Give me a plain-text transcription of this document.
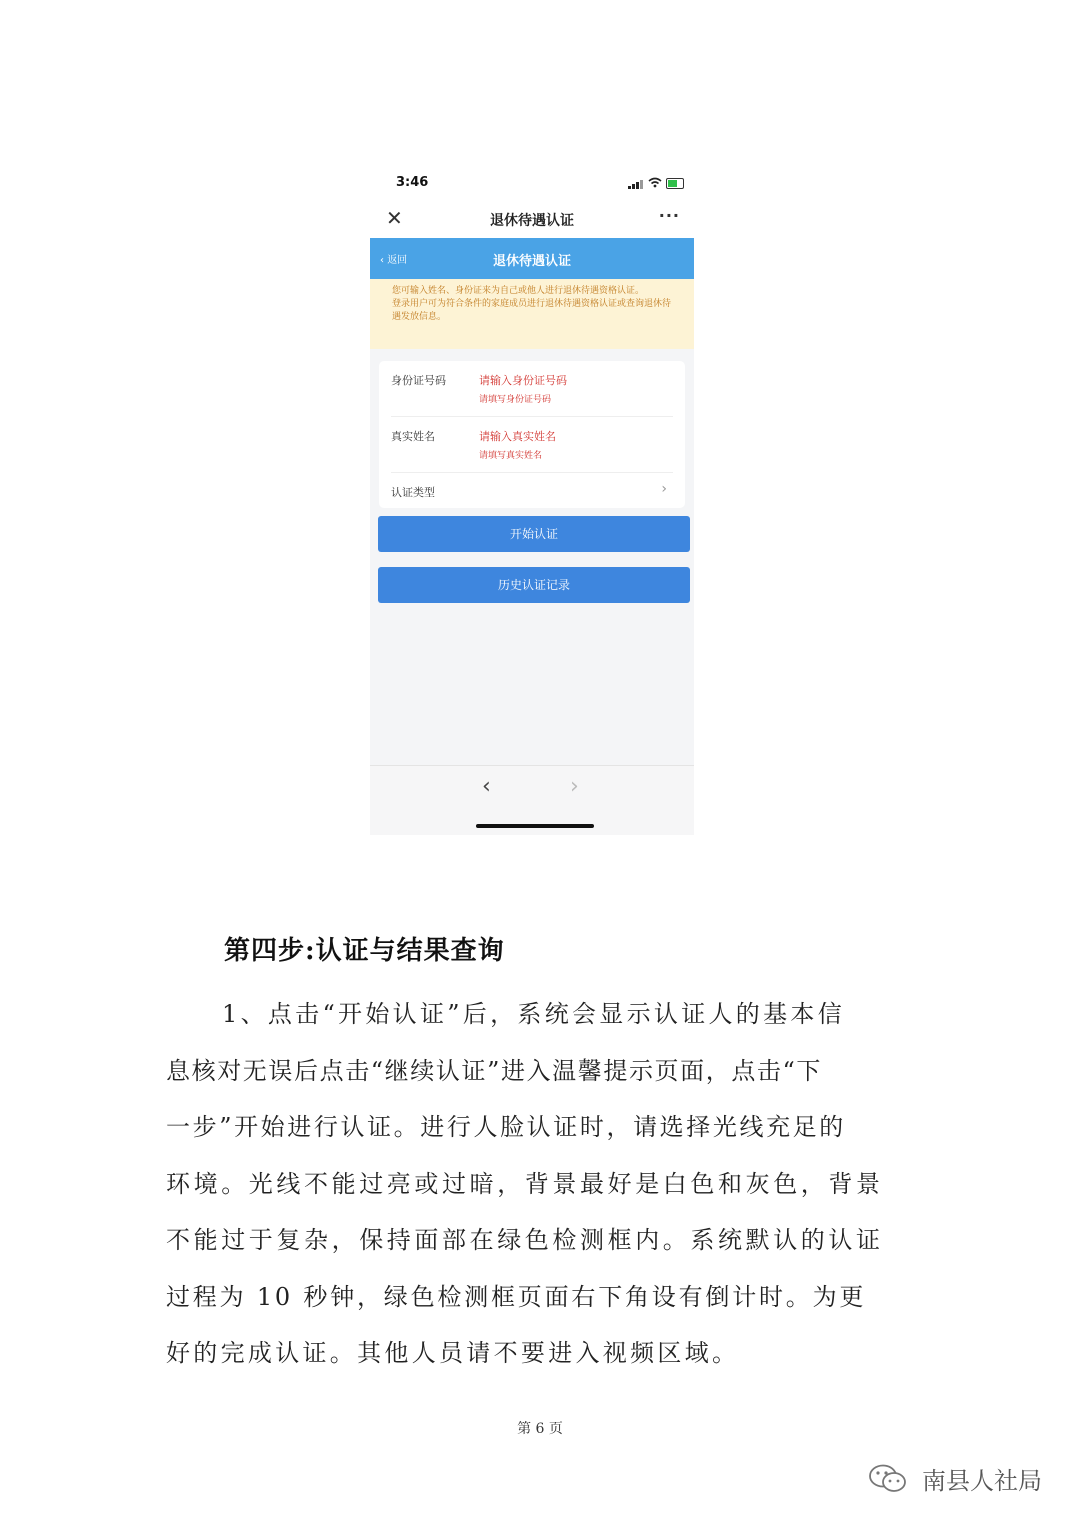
3:46
✕	退休待遇认证	···
‹ 返回	退休待遇认证

您可输入姓名、身份证来为自己或他人进行退休待遇资格认证。

登录用户可为符合条件的家庭成员进行退休待遇资格认证或查询退休待遇发放信息。

身份证号码	请输入身份证号码
请填写身份证号码
真实姓名	请输入真实姓名
请填写真实姓名
认证类型	›
开始认证
历史认证记录
‹	›
第四步:认证与结果查询

1、点击“开始认证”后，系统会显示认证人的基本信
息核对无误后点击“继续认证”进入温馨提示页面，点击“下
一步”开始进行认证。进行人脸认证时，请选择光线充足的
环境。光线不能过亮或过暗，背景最好是白色和灰色，背景
不能过于复杂，保持面部在绿色检测框内。系统默认的认证
过程为 10 秒钟，绿色检测框页面右下角设有倒计时。为更
好的完成认证。其他人员请不要进入视频区域。

第 6 页
南县人社局
